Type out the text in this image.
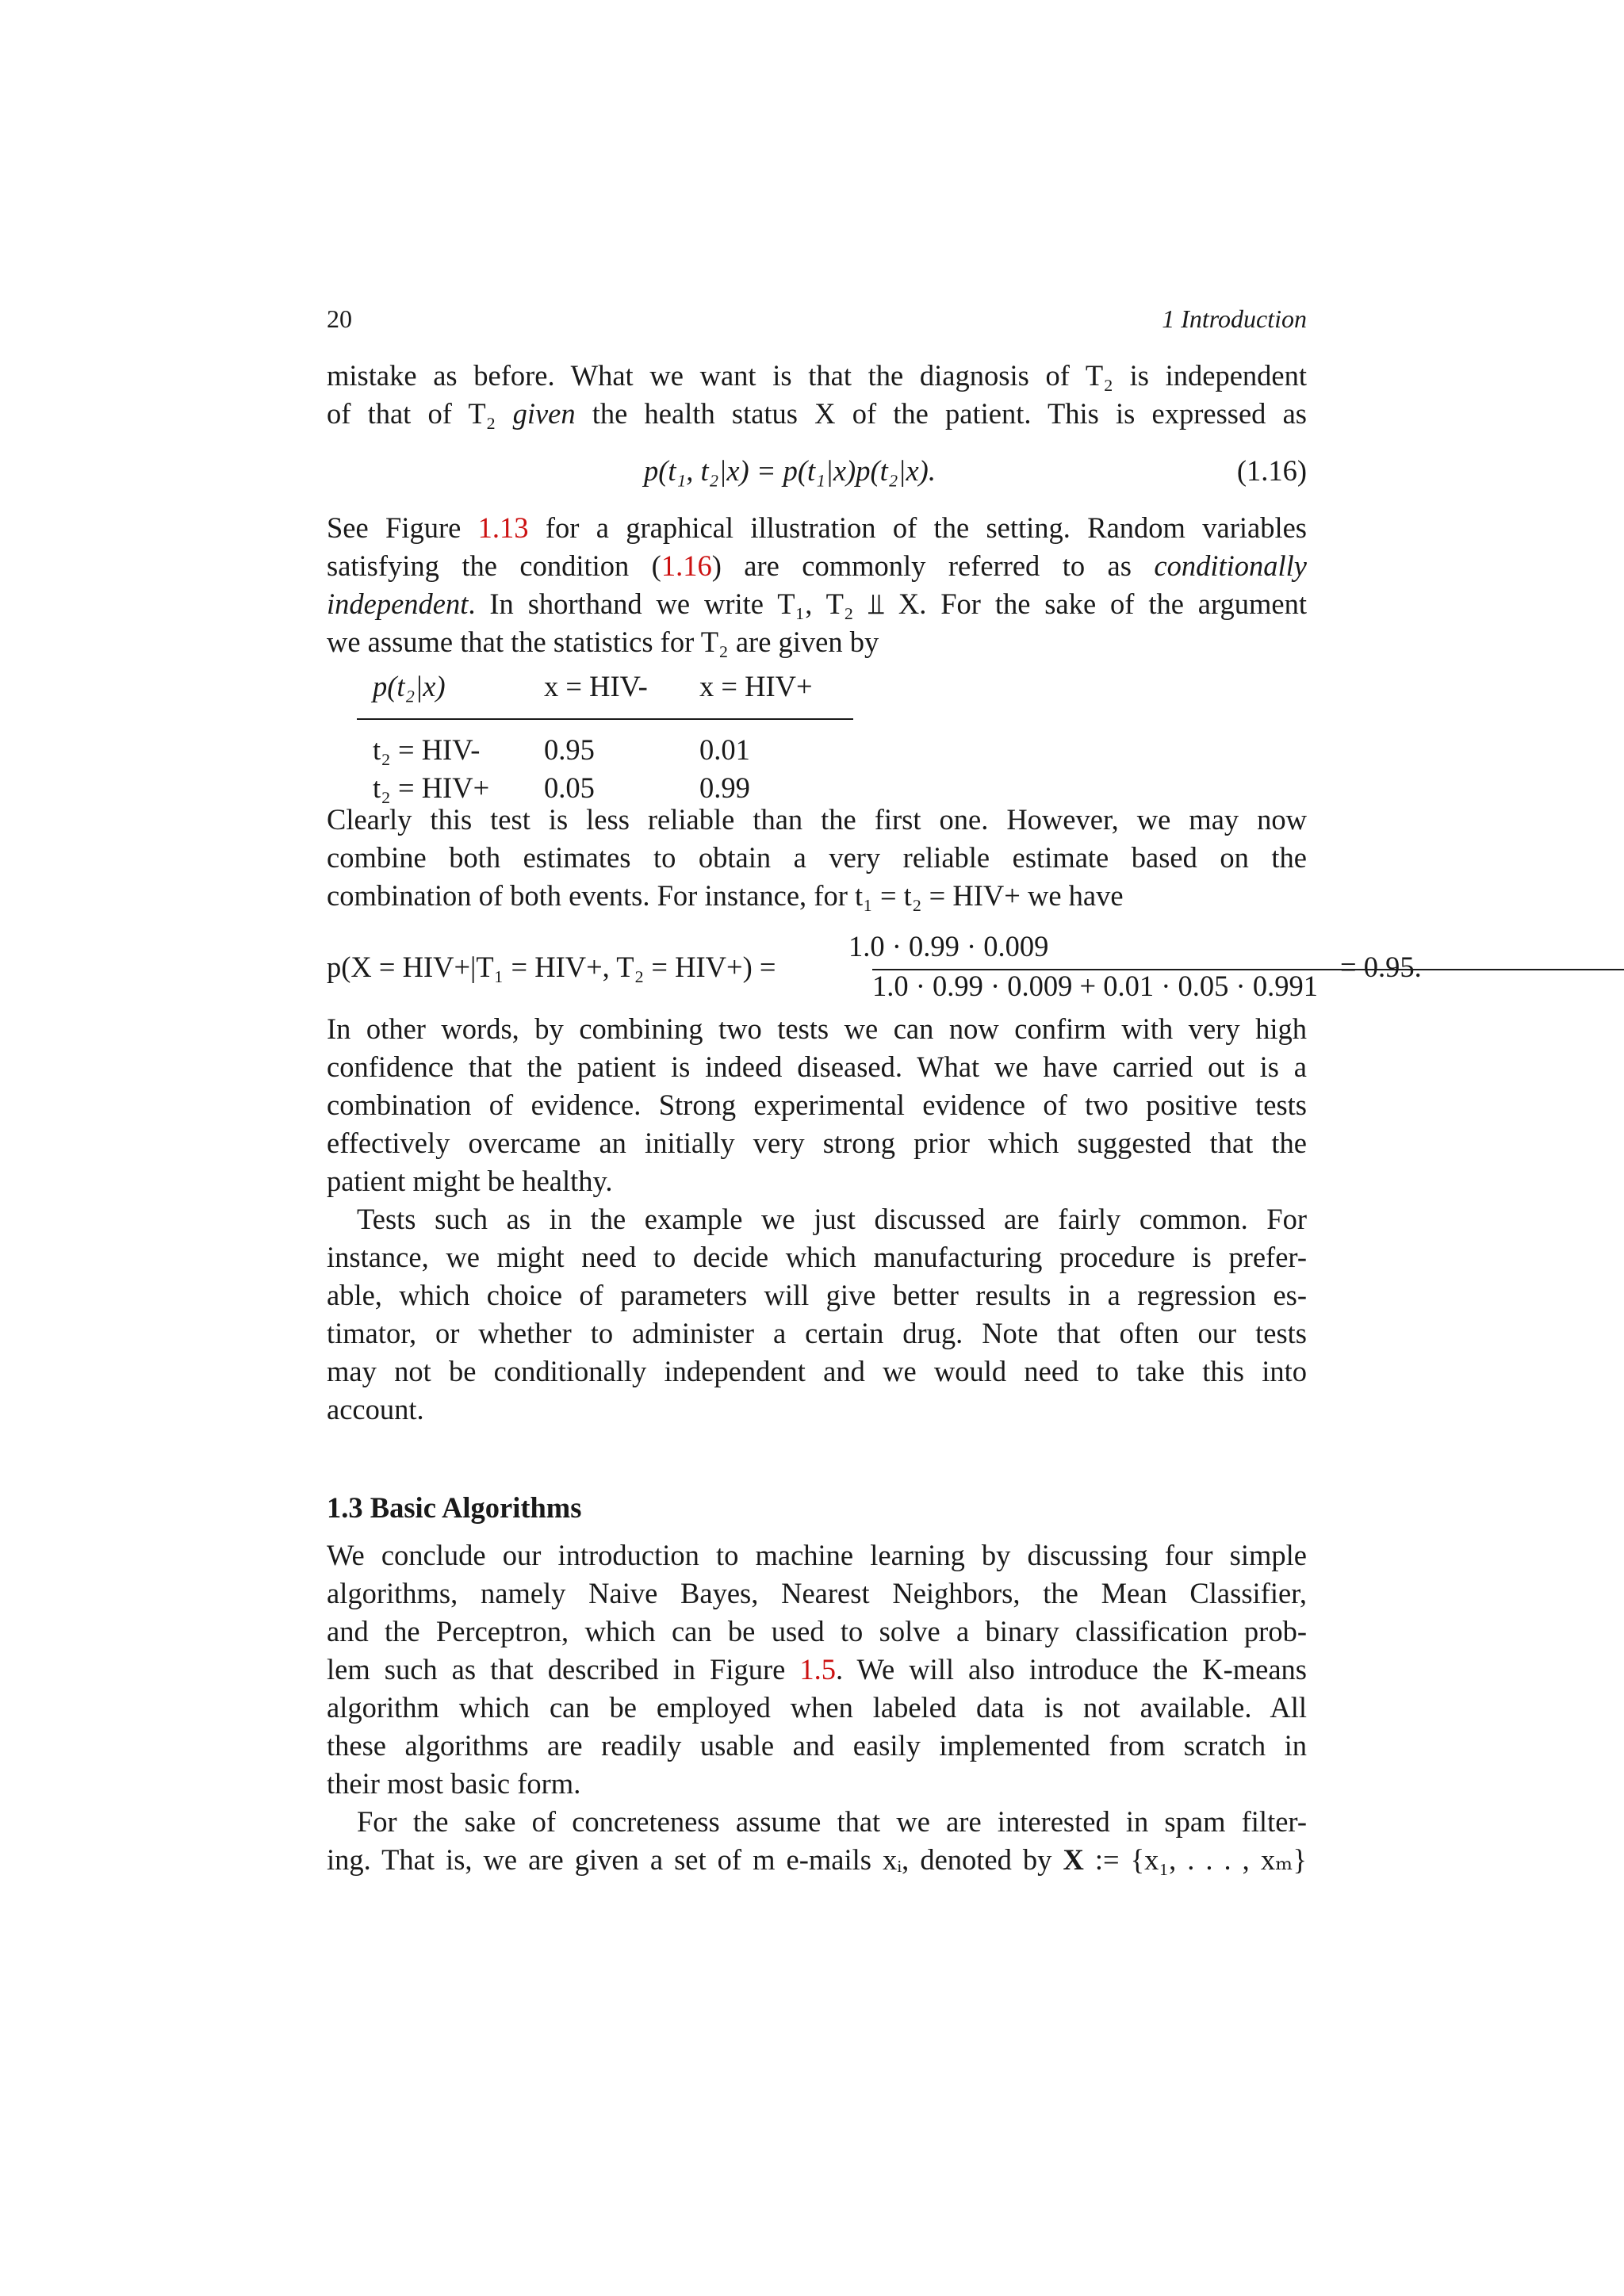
20	1 Introduction
mistake as before. What we want is that the diagnosis of T₂ is independent
of that of T₂ given the health status X of the patient. This is expressed as
p(t₁, t₂|x) = p(t₁|x)p(t₂|x).	(1.16)
See Figure 1.13 for a graphical illustration of the setting. Random variables
satisfying the condition (1.16) are commonly referred to as conditionally
independent. In shorthand we write T₁, T₂ ⫫ X. For the sake of the argument
we assume that the statistics for T₂ are given by
p(t₂|x)	x = HIV-	x = HIV+

t₂ = HIV-	0.95	0.01
t₂ = HIV+	0.05	0.99
Clearly this test is less reliable than the first one. However, we may now
combine both estimates to obtain a very reliable estimate based on the
combination of both events. For instance, for t₁ = t₂ = HIV+ we have
p(X = HIV+|T₁ = HIV+, T₂ = HIV+) =
1.0 · 0.99 · 0.009
1.0 · 0.99 · 0.009 + 0.01 · 0.05 · 0.991
= 0.95.
In other words, by combining two tests we can now confirm with very high
confidence that the patient is indeed diseased. What we have carried out is a
combination of evidence. Strong experimental evidence of two positive tests
effectively overcame an initially very strong prior which suggested that the
patient might be healthy.
Tests such as in the example we just discussed are fairly common. For
instance, we might need to decide which manufacturing procedure is prefer-
able, which choice of parameters will give better results in a regression es-
timator, or whether to administer a certain drug. Note that often our tests
may not be conditionally independent and we would need to take this into
account.
1.3 Basic Algorithms
We conclude our introduction to machine learning by discussing four simple
algorithms, namely Naive Bayes, Nearest Neighbors, the Mean Classifier,
and the Perceptron, which can be used to solve a binary classification prob-
lem such as that described in Figure 1.5. We will also introduce the K-means
algorithm which can be employed when labeled data is not available. All
these algorithms are readily usable and easily implemented from scratch in
their most basic form.
For the sake of concreteness assume that we are interested in spam filter-
ing. That is, we are given a set of m e-mails xᵢ, denoted by X := {x₁, . . . , xₘ}
